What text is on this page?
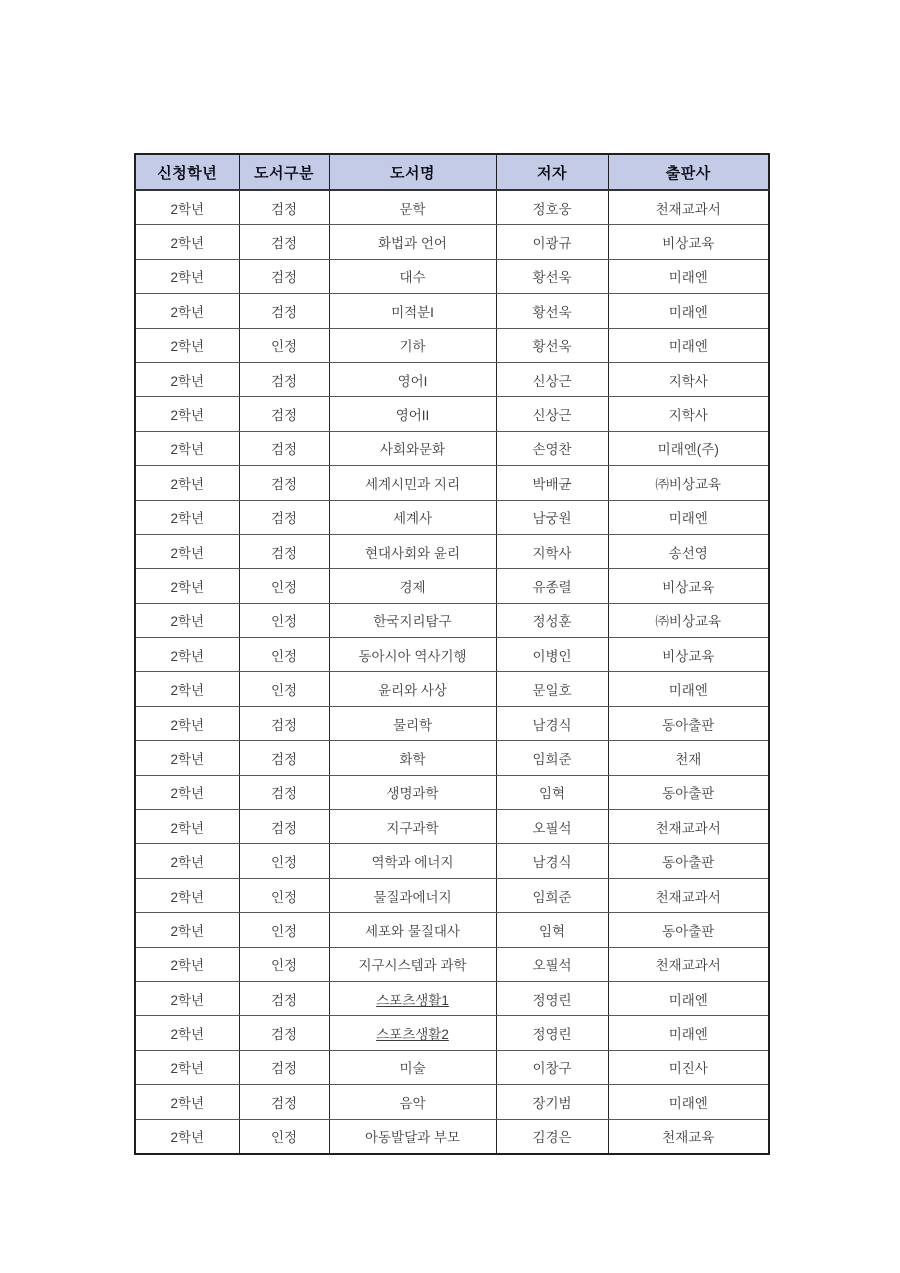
신청학년	도서구분	도서명	저자	출판사
2학년	검정	문학	정호웅	천재교과서
2학년	검정	화법과 언어	이광규	비상교육
2학년	검정	대수	황선욱	미래엔
2학년	검정	미적분I	황선욱	미래엔
2학년	인정	기하	황선욱	미래엔
2학년	검정	영어I	신상근	지학사
2학년	검정	영어II	신상근	지학사
2학년	검정	사회와문화	손영찬	미래엔(주)
2학년	검정	세계시민과 지리	박배균	㈜비상교육
2학년	검정	세계사	남궁원	미래엔
2학년	검정	현대사회와 윤리	지학사	송선영
2학년	인정	경제	유종렬	비상교육
2학년	인정	한국지리탐구	정성훈	㈜비상교육
2학년	인정	동아시아 역사기행	이병인	비상교육
2학년	인정	윤리와 사상	문일호	미래엔
2학년	검정	물리학	남경식	동아출판
2학년	검정	화학	임희준	천재
2학년	검정	생명과학	임혁	동아출판
2학년	검정	지구과학	오필석	천재교과서
2학년	인정	역학과 에너지	남경식	동아출판
2학년	인정	물질과에너지	임희준	천재교과서
2학년	인정	세포와 물질대사	임혁	동아출판
2학년	인정	지구시스템과 과학	오필석	천재교과서
2학년	검정	스포츠생활1	정영린	미래엔
2학년	검정	스포츠생활2	정영린	미래엔
2학년	검정	미술	이창구	미진사
2학년	검정	음악	장기범	미래엔
2학년	인정	아동발달과 부모	김경은	천재교육
